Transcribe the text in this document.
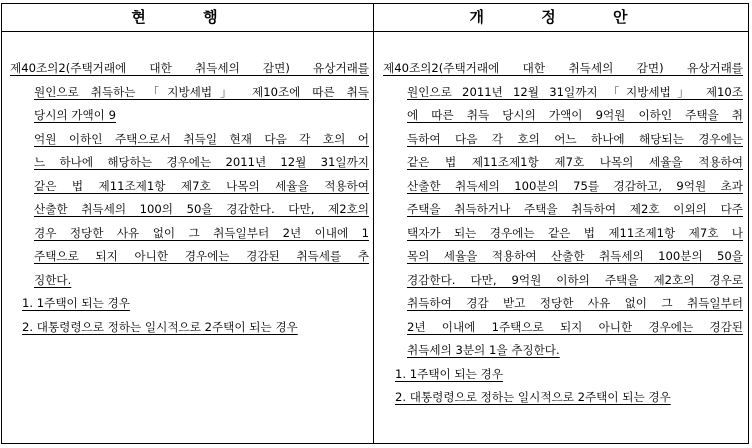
현 행	개 정 안
제40조의2(주택거래에 대한 취득세의 감면) 유상거래를
원인으로 취득하는 「지방세법」 제10조에 따른 취득
당시의 가액이 9
억원 이하인 주택으로서 취득일 현재 다음 각 호의 어
느 하나에 해당하는 경우에는 2011년 12월 31일까지
같은 법 제11조제1항 제7호 나목의 세율을 적용하여
산출한 취득세의 100의 50을 경감한다. 다만, 제2호의
경우 정당한 사유 없이 그 취득일부터 2년 이내에 1
주택으로 되지 아니한 경우에는 경감된 취득세를 추
징한다.
1. 1주택이 되는 경우
2. 대통령령으로 정하는 일시적으로 2주택이 되는 경우
제40조의2(주택거래에 대한 취득세의 감면) 유상거래를
원인으로 2011년 12월 31일까지 「지방세법」 제10조
에 따른 취득 당시의 가액이 9억원 이하인 주택을 취
득하여 다음 각 호의 어느 하나에 해당되는 경우에는
같은 법 제11조제1항 제7호 나목의 세율을 적용하여
산출한 취득세의 100분의 75를 경감하고, 9억원 초과
주택을 취득하거나 주택을 취득하여 제2호 이외의 다주
택자가 되는 경우에는 같은 법 제11조제1항 제7호 나
목의 세율을 적용하여 산출한 취득세의 100분의 50을
경감한다. 다만, 9억원 이하의 주택을 제2호의 경우로
취득하여 경감 받고 정당한 사유 없이 그 취득일부터
2년 이내에 1주택으로 되지 아니한 경우에는 경감된
취득세의 3분의 1을 추징한다.
1. 1주택이 되는 경우
2. 대통령령으로 정하는 일시적으로 2주택이 되는 경우
